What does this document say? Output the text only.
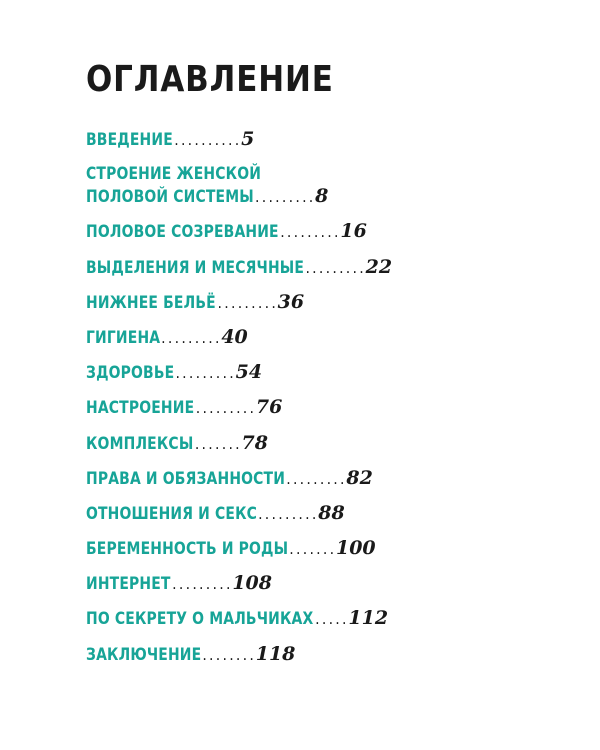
ОГЛАВЛЕНИЕ
ВВЕДЕНИЕ .......... 5
СТРОЕНИЕ ЖЕНСКОЙ
ПОЛОВОЙ СИСТЕМЫ ......... 8
ПОЛОВОЕ СОЗРЕВАНИЕ ......... 16
ВЫДЕЛЕНИЯ И МЕСЯЧНЫЕ ......... 22
НИЖНЕЕ БЕЛЬЁ ......... 36
ГИГИЕНА ......... 40
ЗДОРОВЬЕ ......... 54
НАСТРОЕНИЕ ......... 76
КОМПЛЕКСЫ ....... 78
ПРАВА И ОБЯЗАННОСТИ ......... 82
ОТНОШЕНИЯ И СЕКС ......... 88
БЕРЕМЕННОСТЬ И РОДЫ ....... 100
ИНТЕРНЕТ ......... 108
ПО СЕКРЕТУ О МАЛЬЧИКАХ ..... 112
ЗАКЛЮЧЕНИЕ ........ 118
